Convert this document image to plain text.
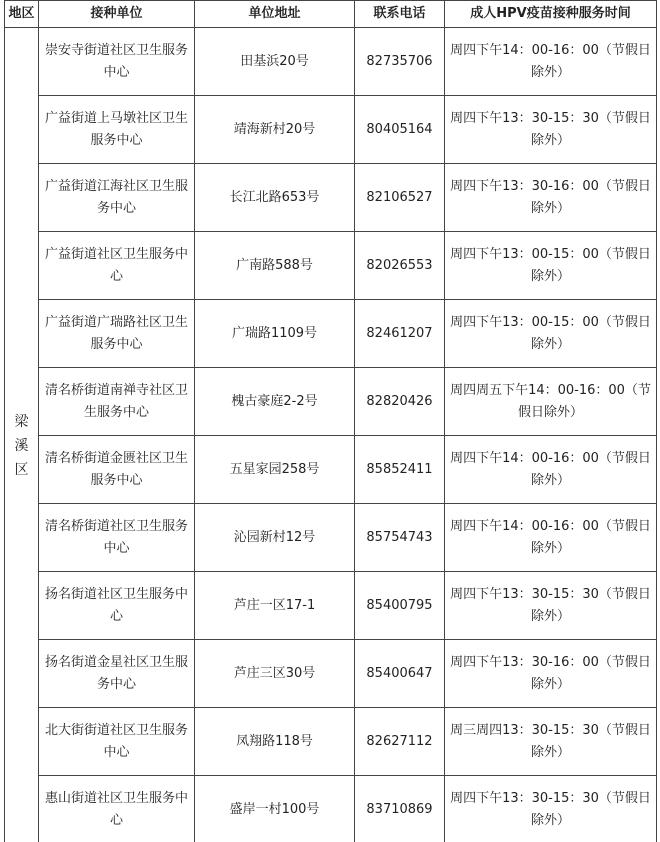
地区	接种单位	单位地址	联系电话	成人HPV疫苗接种服务时间

梁溪区	崇安寺街道社区卫生服务中心	田基浜20号	82735706	周四下午14：00-16：00（节假日除外）
	广益街道上马墩社区卫生服务中心	靖海新村20号	80405164	周四下午13：30-15：30（节假日除外）
	广益街道江海社区卫生服务中心	长江北路653号	82106527	周四下午13：30-16：00（节假日除外）
	广益街道社区卫生服务中心	广南路588号	82026553	周四下午13：00-15：00（节假日除外）
	广益街道广瑞路社区卫生服务中心	广瑞路1109号	82461207	周四下午13：00-15：00（节假日除外）
	清名桥街道南禅寺社区卫生服务中心	槐古豪庭2-2号	82820426	周四周五下午14：00-16：00（节假日除外）
	清名桥街道金匮社区卫生服务中心	五星家园258号	85852411	周四下午14：00-16：00（节假日除外）
	清名桥街道社区卫生服务中心	沁园新村12号	85754743	周四下午14：00-16：00（节假日除外）
	扬名街道社区卫生服务中心	芦庄一区17-1	85400795	周四下午13：30-15：30（节假日除外）
	扬名街道金星社区卫生服务中心	芦庄三区30号	85400647	周四下午13：30-16：00（节假日除外）
	北大街街道社区卫生服务中心	凤翔路118号	82627112	周三周四13：30-15：30（节假日除外）
	惠山街道社区卫生服务中心	盛岸一村100号	83710869	周四下午13：30-15：30（节假日除外）
